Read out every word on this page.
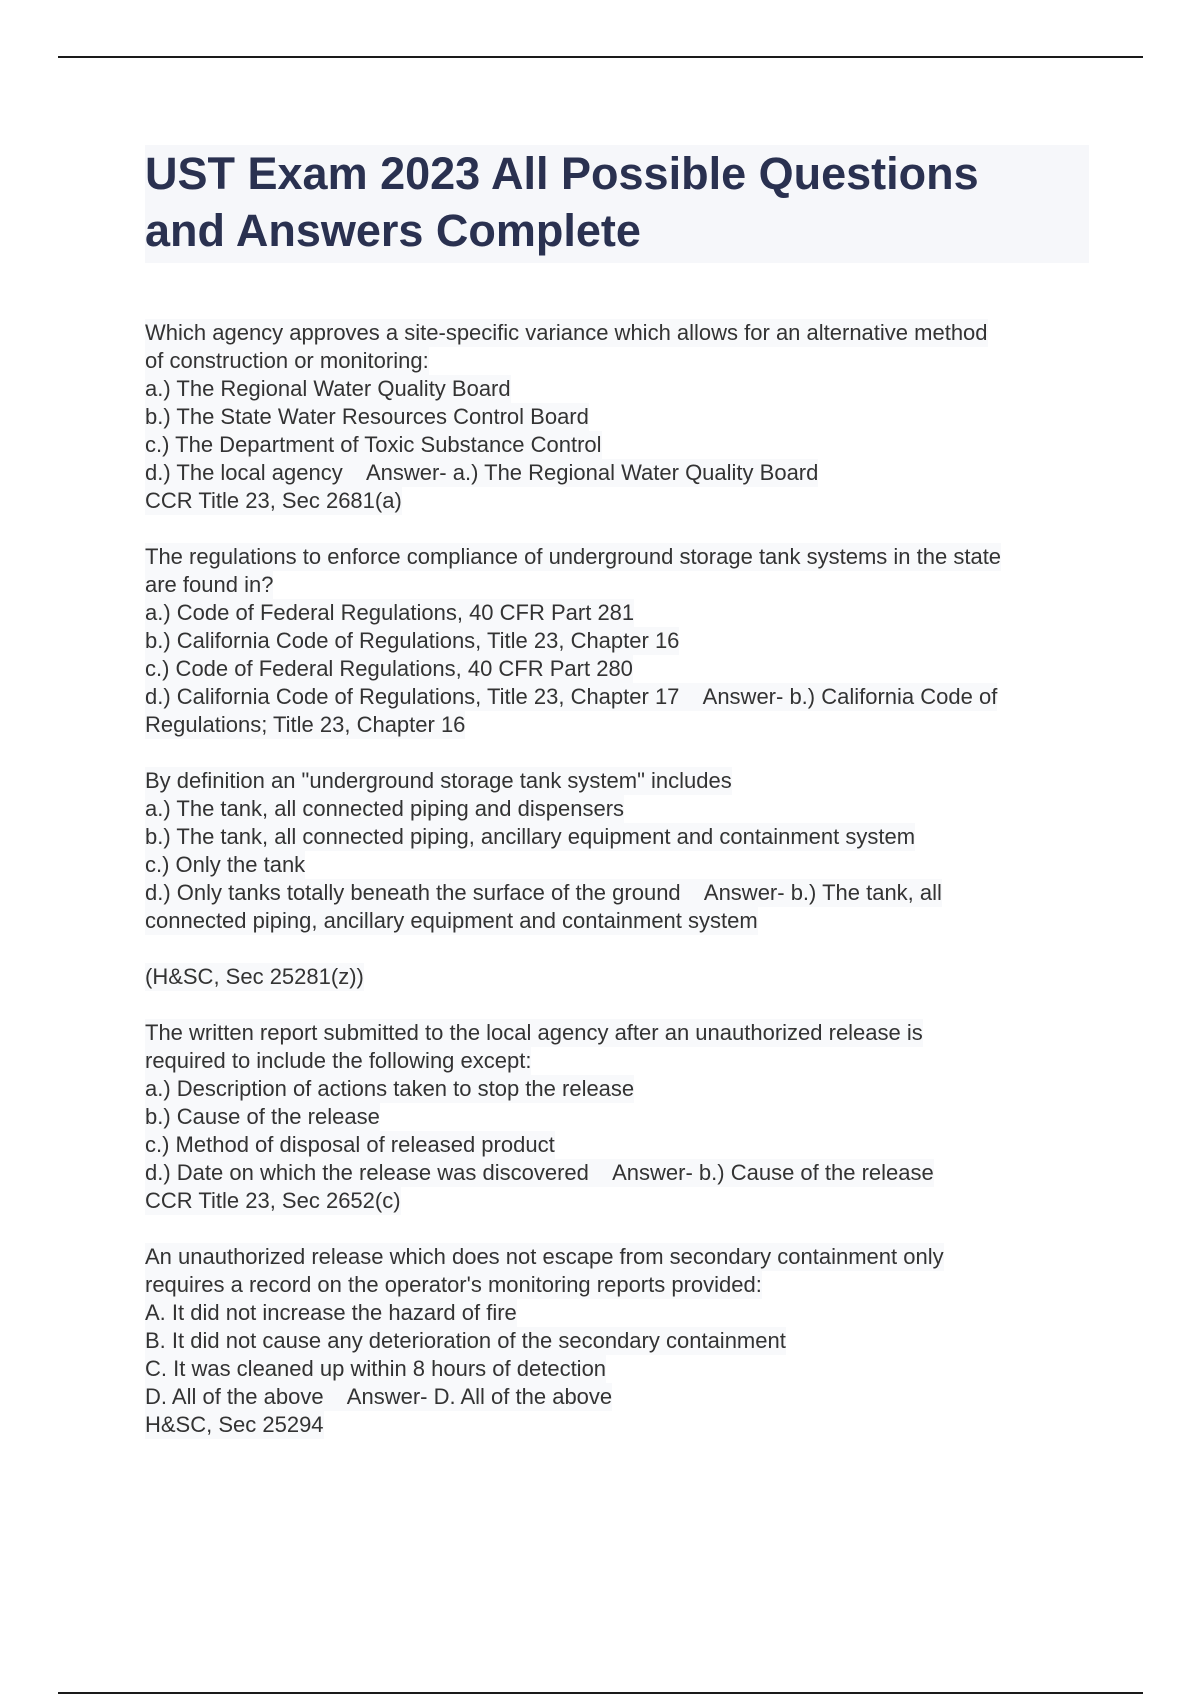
UST Exam 2023 All Possible Questions
and Answers Complete
Which agency approves a site-specific variance which allows for an alternative method
of construction or monitoring:
a.) The Regional Water Quality Board
b.) The State Water Resources Control Board
c.) The Department of Toxic Substance Control
d.) The local agency    Answer- a.) The Regional Water Quality Board
CCR Title 23, Sec 2681(a)
The regulations to enforce compliance of underground storage tank systems in the state
are found in?
a.) Code of Federal Regulations, 40 CFR Part 281
b.) California Code of Regulations, Title 23, Chapter 16
c.) Code of Federal Regulations, 40 CFR Part 280
d.) California Code of Regulations, Title 23, Chapter 17    Answer- b.) California Code of
Regulations; Title 23, Chapter 16
By definition an "underground storage tank system" includes
a.) The tank, all connected piping and dispensers
b.) The tank, all connected piping, ancillary equipment and containment system
c.) Only the tank
d.) Only tanks totally beneath the surface of the ground    Answer- b.) The tank, all
connected piping, ancillary equipment and containment system
(H&SC, Sec 25281(z))
The written report submitted to the local agency after an unauthorized release is
required to include the following except:
a.) Description of actions taken to stop the release
b.) Cause of the release
c.) Method of disposal of released product
d.) Date on which the release was discovered    Answer- b.) Cause of the release
CCR Title 23, Sec 2652(c)
An unauthorized release which does not escape from secondary containment only
requires a record on the operator's monitoring reports provided:
A. It did not increase the hazard of fire
B. It did not cause any deterioration of the secondary containment
C. It was cleaned up within 8 hours of detection
D. All of the above    Answer- D. All of the above
H&SC, Sec 25294
